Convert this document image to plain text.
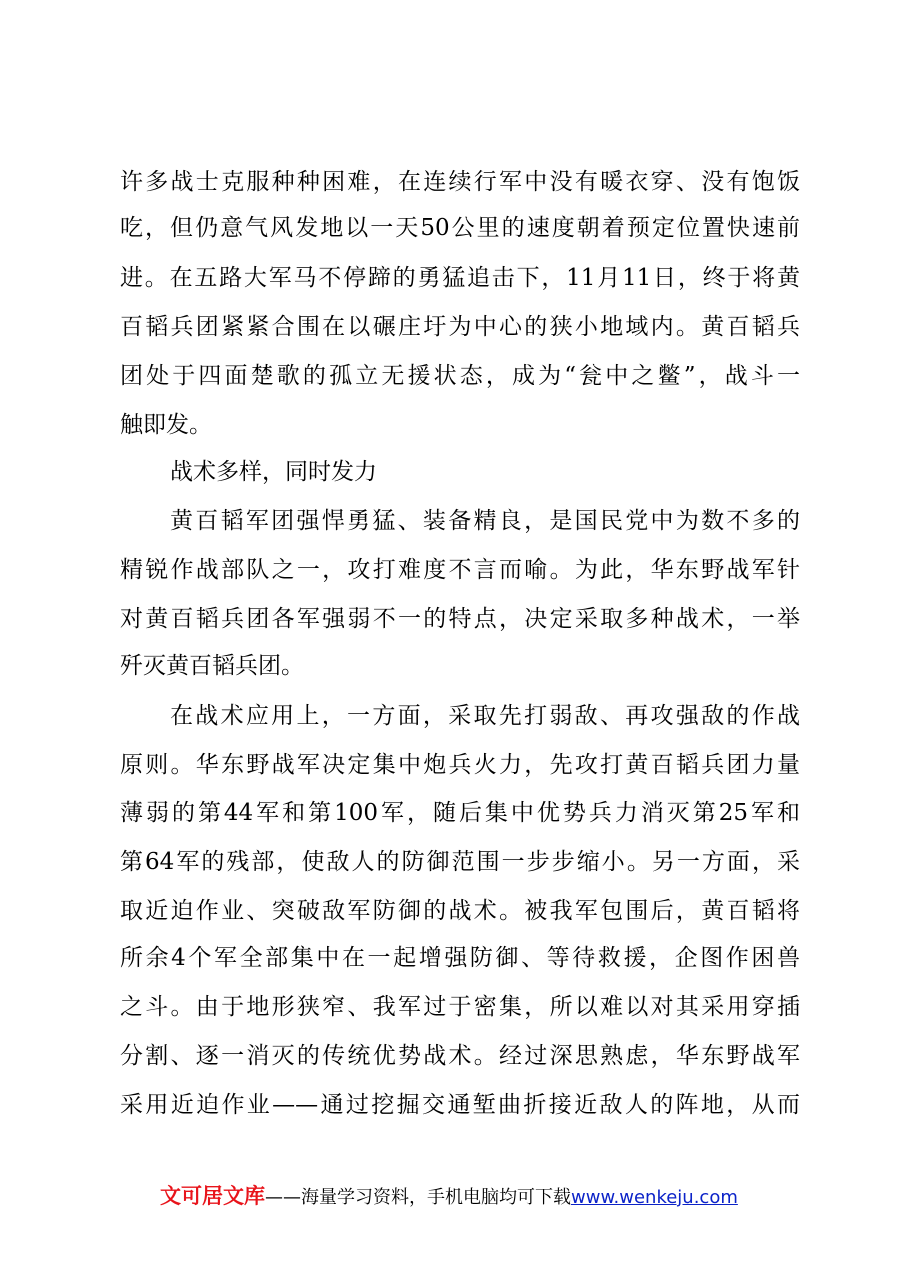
许多战士克服种种困难，在连续行军中没有暖衣穿、没有饱饭
吃，但仍意气风发地以一天50公里的速度朝着预定位置快速前
进。在五路大军马不停蹄的勇猛追击下，11月11日，终于将黄
百韬兵团紧紧合围在以碾庄圩为中心的狭小地域内。黄百韬兵
团处于四面楚歌的孤立无援状态，成为“瓮中之鳖”，战斗一
触即发。
战术多样，同时发力
黄百韬军团强悍勇猛、装备精良，是国民党中为数不多的
精锐作战部队之一，攻打难度不言而喻。为此，华东野战军针
对黄百韬兵团各军强弱不一的特点，决定采取多种战术，一举
歼灭黄百韬兵团。
在战术应用上，一方面，采取先打弱敌、再攻强敌的作战
原则。华东野战军决定集中炮兵火力，先攻打黄百韬兵团力量
薄弱的第44军和第100军，随后集中优势兵力消灭第25军和
第64军的残部，使敌人的防御范围一步步缩小。另一方面，采
取近迫作业、突破敌军防御的战术。被我军包围后，黄百韬将
所余4个军全部集中在一起增强防御、等待救援，企图作困兽
之斗。由于地形狭窄、我军过于密集，所以难以对其采用穿插
分割、逐一消灭的传统优势战术。经过深思熟虑，华东野战军
采用近迫作业——通过挖掘交通堑曲折接近敌人的阵地，从而
文可居文库——海量学习资料，手机电脑均可下载www.wenkeju.com
